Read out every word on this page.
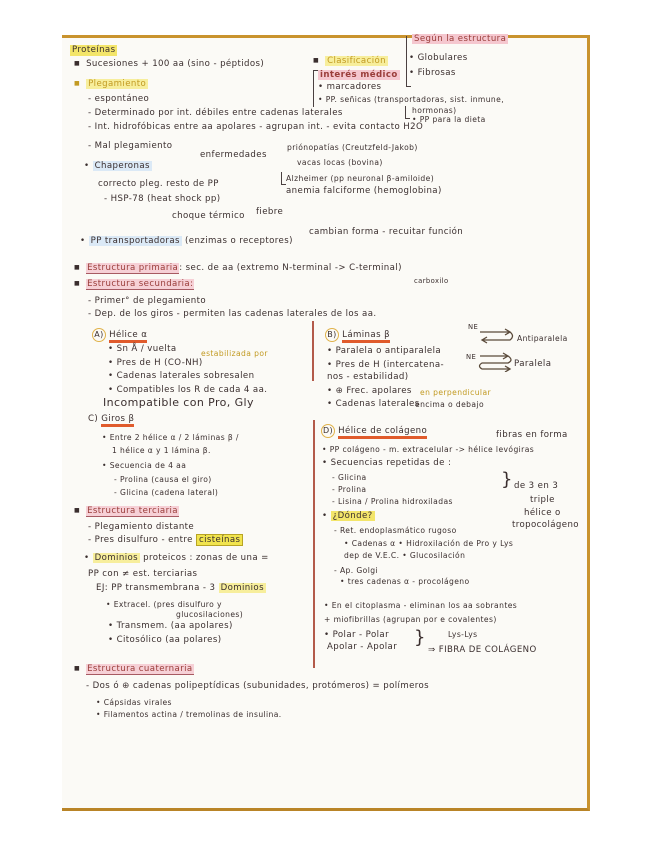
Proteínas
■ Sucesiones + 100 aa (sino - péptidos)
■ Plegamiento
- espontáneo
- Determinado por int. débiles entre cadenas laterales
- Int. hidrofóbicas entre aa apolares - agrupan int. - evita contacto H2O
- Mal plegamiento
enfermedades
priónopatías (Creutzfeld-Jakob)
vacas locas (bovina)
Alzheimer (pp neuronal β-amiloide)
anemia falciforme (hemoglobina)
• Chaperonas
correcto pleg. resto de PP
- HSP-78 (heat shock pp)
choque térmico fiebre
cambian forma - recuitar función
• PP transportadoras (enzimas o receptores)
■ Clasificación
interés médico
• marcadores
• PP. señicas (transportadoras, sist. inmune,
hormonas)
• PP para la dieta
Según la estructura
• Globulares
• Fibrosas
■ Estructura primaria: sec. de aa (extremo N-terminal -> C-terminal)
carboxilo
■ Estructura secundaria:
- Primer° de plegamiento
- Dep. de los giros - permiten las cadenas laterales de los aa.
A) Hélice α
• Sn Å / vuelta	estabilizada por
• Pres de H (CO-NH)
• Cadenas laterales sobresalen
• Compatibles los R de cada 4 aa.
Incompatible con Pro, Gly
B) Láminas β
• Paralela o antiparalela
• Pres de H (intercatena-
nos - estabilidad)
• ⊕ Frec. apolares en perpendicular
• Cadenas laterales
encima o debajo
NE
NE
Antiparalela
Paralela
C) Giros β
• Entre 2 hélice α / 2 láminas β /
1 hélice α y 1 lámina β.
• Secuencia de 4 aa
- Prolina (causa el giro)
- Glicina (cadena lateral)
D) Hélice de colágeno	fibras en forma
• PP colágeno - m. extracelular -> hélice levógiras
• Secuencias repetidas de :
- Glicina
- Prolina
- Lisina / Prolina hidroxiladas
} de 3 en 3
triple
hélice o
tropocolágeno
• ¿Dónde?
- Ret. endoplasmático rugoso
• Cadenas α • Hidroxilación de Pro y Lys
dep de V.E.C. • Glucosilación
- Ap. Golgi
• tres cadenas α - procolágeno
• En el citoplasma - eliminan los aa sobrantes
+ miofibrillas (agrupan por e covalentes)
• Polar - Polar
Apolar - Apolar
Lys-Lys
}
⇒ FIBRA DE COLÁGENO
■ Estructura terciaria
- Plegamiento distante
- Pres disulfuro - entre cisteínas
• Dominios proteicos : zonas de una =
PP con ≠ est. terciarias
EJ: PP transmembrana - 3 Dominios
• Extracel. (pres disulfuro y
glucosilaciones)
• Transmem. (aa apolares)
• Citosólico (aa polares)
■ Estructura cuaternaria
- Dos ó ⊕ cadenas polipeptídicas (subunidades, protómeros) = polímeros
• Cápsidas virales
• Filamentos actina / tremolinas de insulina.
